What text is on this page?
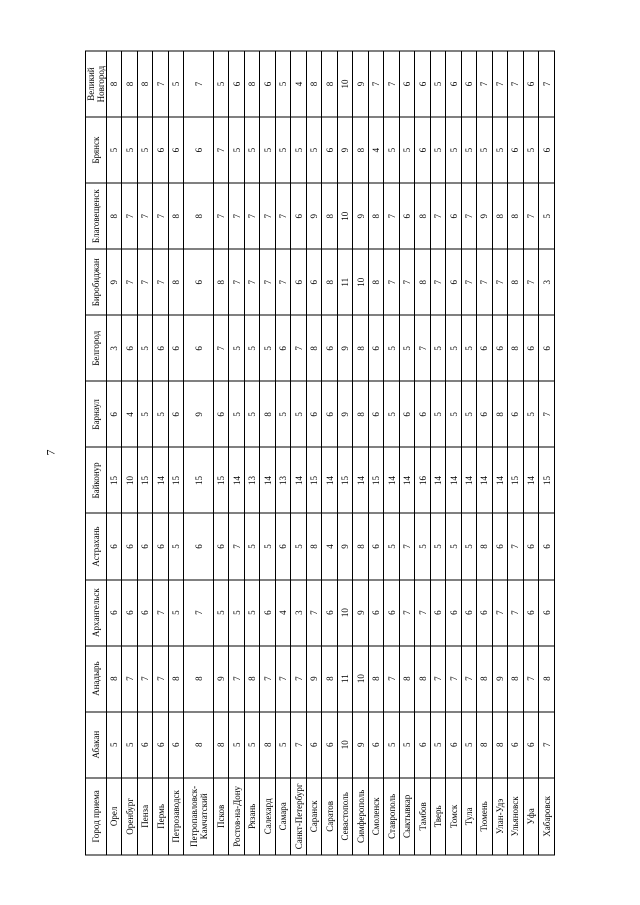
7
Город приема	Абакан	Анадырь	Архангельск	Астрахань	Байконур	Барнаул	Белгород	Биробиджан	Благовещенск	Брянск	Великий Новгород
Орел	5	8	6	6	15	6	3	9	8	5	8
Оренбург	5	7	6	6	10	4	6	7	7	5	8
Пенза	6	7	6	6	15	5	5	7	7	5	8
Пермь	6	7	7	6	14	5	6	7	7	6	7
Петрозаводск	6	8	5	5	15	6	6	8	8	6	5
Петропавловск-Камчатский	8	8	7	6	15	9	6	6	8	6	7
Псков	8	9	5	6	15	6	7	8	7	7	5
Ростов-на-Дону	5	7	5	7	14	5	5	7	7	5	6
Рязань	5	8	5	5	13	5	5	7	7	5	8
Салехард	8	7	6	5	14	8	5	7	7	5	6
Самара	5	7	4	6	13	5	6	7	7	5	5
Санкт-Петербург	7	7	3	5	14	5	7	6	6	5	4
Саранск	6	9	7	8	15	6	8	6	9	5	8
Саратов	6	8	6	4	14	6	6	8	8	6	8
Севастополь	10	11	10	9	15	9	9	11	10	9	10
Симферополь	9	10	9	8	14	8	8	10	9	8	9
Смоленск	6	8	6	6	15	6	6	8	8	4	7
Ставрополь	5	7	6	5	14	5	5	7	7	5	7
Сыктывкар	5	8	7	7	14	6	5	7	6	5	6
Тамбов	6	8	7	5	16	6	7	8	8	6	6
Тверь	5	7	6	5	14	5	5	7	7	5	5
Томск	6	7	6	5	14	5	5	6	6	5	6
Тула	5	7	6	5	14	5	5	7	7	5	6
Тюмень	8	8	6	8	14	6	6	7	9	5	7
Улан-Удэ	8	9	7	6	14	8	6	7	8	5	7
Ульяновск	6	8	7	7	15	6	8	8	8	6	7
Уфа	6	7	6	6	14	5	6	7	7	5	6
Хабаровск	7	8	6	6	15	7	6	3	5	6	7
